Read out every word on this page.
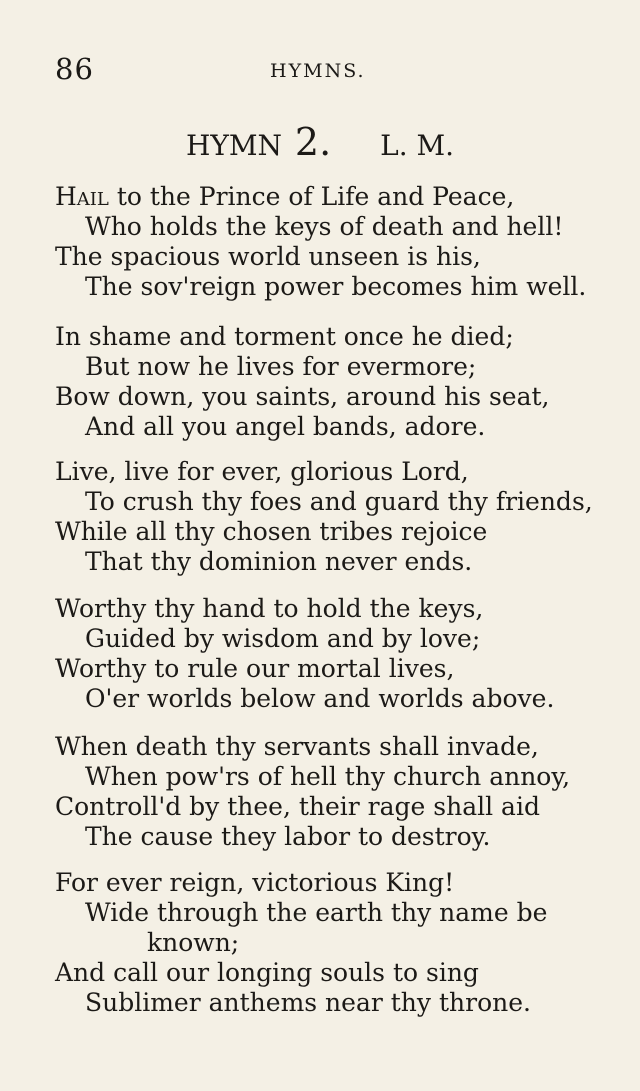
86	HYMNS.
HYMN 2. L. M.
Hail to the Prince of Life and Peace,
Who holds the keys of death and hell!
The spacious world unseen is his,
The sov'reign power becomes him well.
In shame and torment once he died;
But now he lives for evermore;
Bow down, you saints, around his seat,
And all you angel bands, adore.
Live, live for ever, glorious Lord,
To crush thy foes and guard thy friends,
While all thy chosen tribes rejoice
That thy dominion never ends.
Worthy thy hand to hold the keys,
Guided by wisdom and by love;
Worthy to rule our mortal lives,
O'er worlds below and worlds above.
When death thy servants shall invade,
When pow'rs of hell thy church annoy,
Controll'd by thee, their rage shall aid
The cause they labor to destroy.
For ever reign, victorious King!
Wide through the earth thy name be
known;
And call our longing souls to sing
Sublimer anthems near thy throne.
